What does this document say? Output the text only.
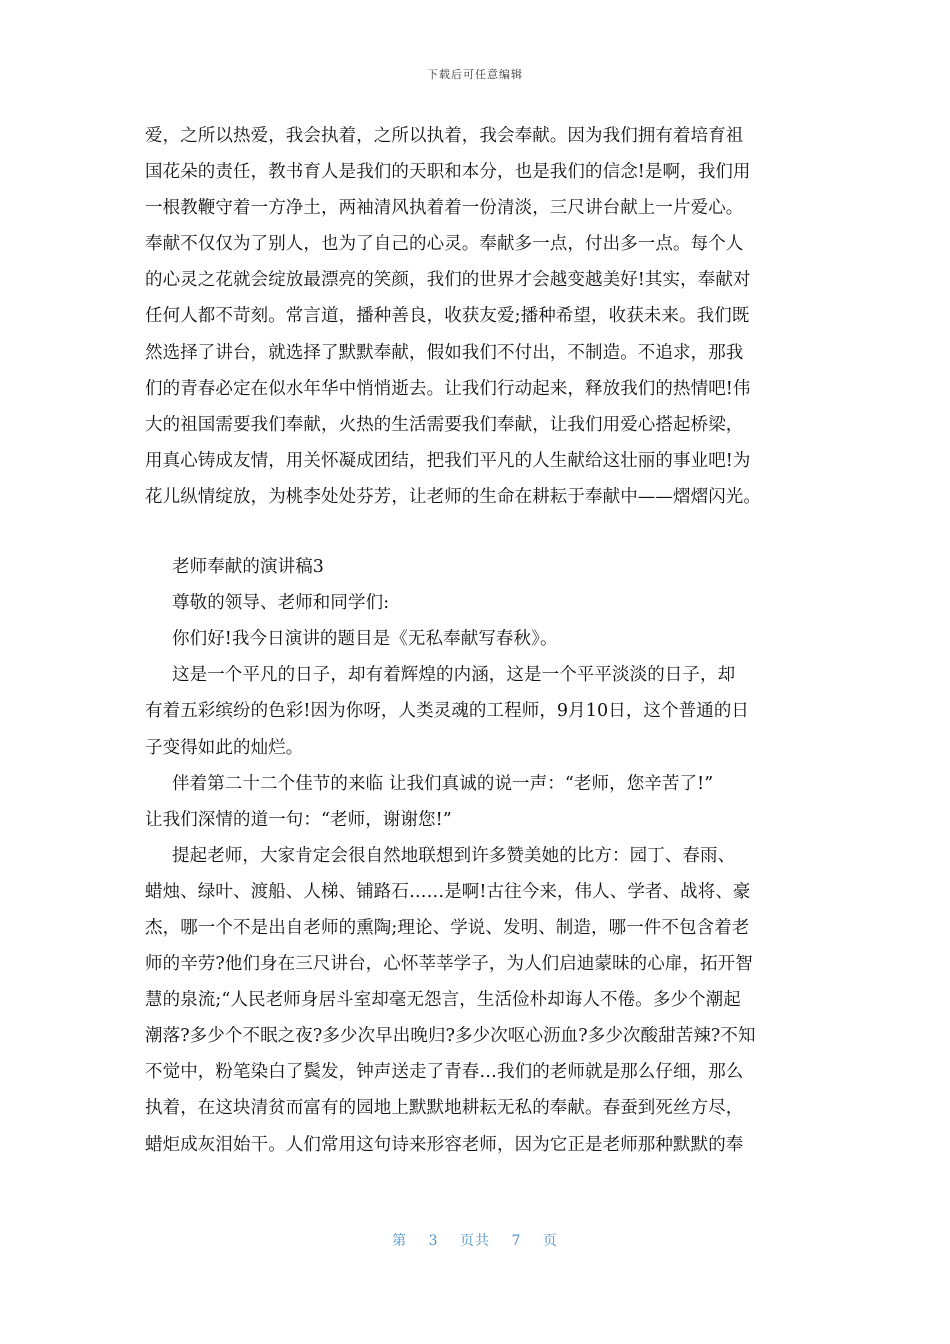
下载后可任意编辑
爱，之所以热爱，我会执着，之所以执着，我会奉献。因为我们拥有着培育祖
国花朵的责任，教书育人是我们的天职和本分，也是我们的信念!是啊，我们用
一根教鞭守着一方净土，两袖清风执着着一份清淡，三尺讲台献上一片爱心。
奉献不仅仅为了别人，也为了自己的心灵。奉献多一点，付出多一点。每个人
的心灵之花就会绽放最漂亮的笑颜，我们的世界才会越变越美好!其实，奉献对
任何人都不苛刻。常言道，播种善良，收获友爱;播种希望，收获未来。我们既
然选择了讲台，就选择了默默奉献，假如我们不付出，不制造。不追求，那我
们的青春必定在似水年华中悄悄逝去。让我们行动起来，释放我们的热情吧!伟
大的祖国需要我们奉献，火热的生活需要我们奉献，让我们用爱心搭起桥梁，
用真心铸成友情，用关怀凝成团结，把我们平凡的人生献给这壮丽的事业吧!为
花儿纵情绽放，为桃李处处芬芳，让老师的生命在耕耘于奉献中——熠熠闪光。
老师奉献的演讲稿3
尊敬的领导、老师和同学们:
你们好!我今日演讲的题目是《无私奉献写春秋》。
这是一个平凡的日子，却有着辉煌的内涵，这是一个平平淡淡的日子，却
有着五彩缤纷的色彩!因为你呀，人类灵魂的工程师，9月10日，这个普通的日
子变得如此的灿烂。
伴着第二十二个佳节的来临 让我们真诚的说一声：“老师，您辛苦了!”
让我们深情的道一句：“老师，谢谢您!”
提起老师，大家肯定会很自然地联想到许多赞美她的比方：园丁、春雨、
蜡烛、绿叶、渡船、人梯、铺路石……是啊!古往今来，伟人、学者、战将、豪
杰，哪一个不是出自老师的熏陶;理论、学说、发明、制造，哪一件不包含着老
师的辛劳?他们身在三尺讲台，心怀莘莘学子，为人们启迪蒙昧的心扉，拓开智
慧的泉流;“人民老师身居斗室却毫无怨言，生活俭朴却诲人不倦。多少个潮起
潮落?多少个不眠之夜?多少次早出晚归?多少次呕心沥血?多少次酸甜苦辣?不知
不觉中，粉笔染白了鬓发，钟声送走了青春…我们的老师就是那么仔细，那么
执着，在这块清贫而富有的园地上默默地耕耘无私的奉献。春蚕到死丝方尽，
蜡炬成灰泪始干。人们常用这句诗来形容老师，因为它正是老师那种默默的奉
第 3 页共 7 页
